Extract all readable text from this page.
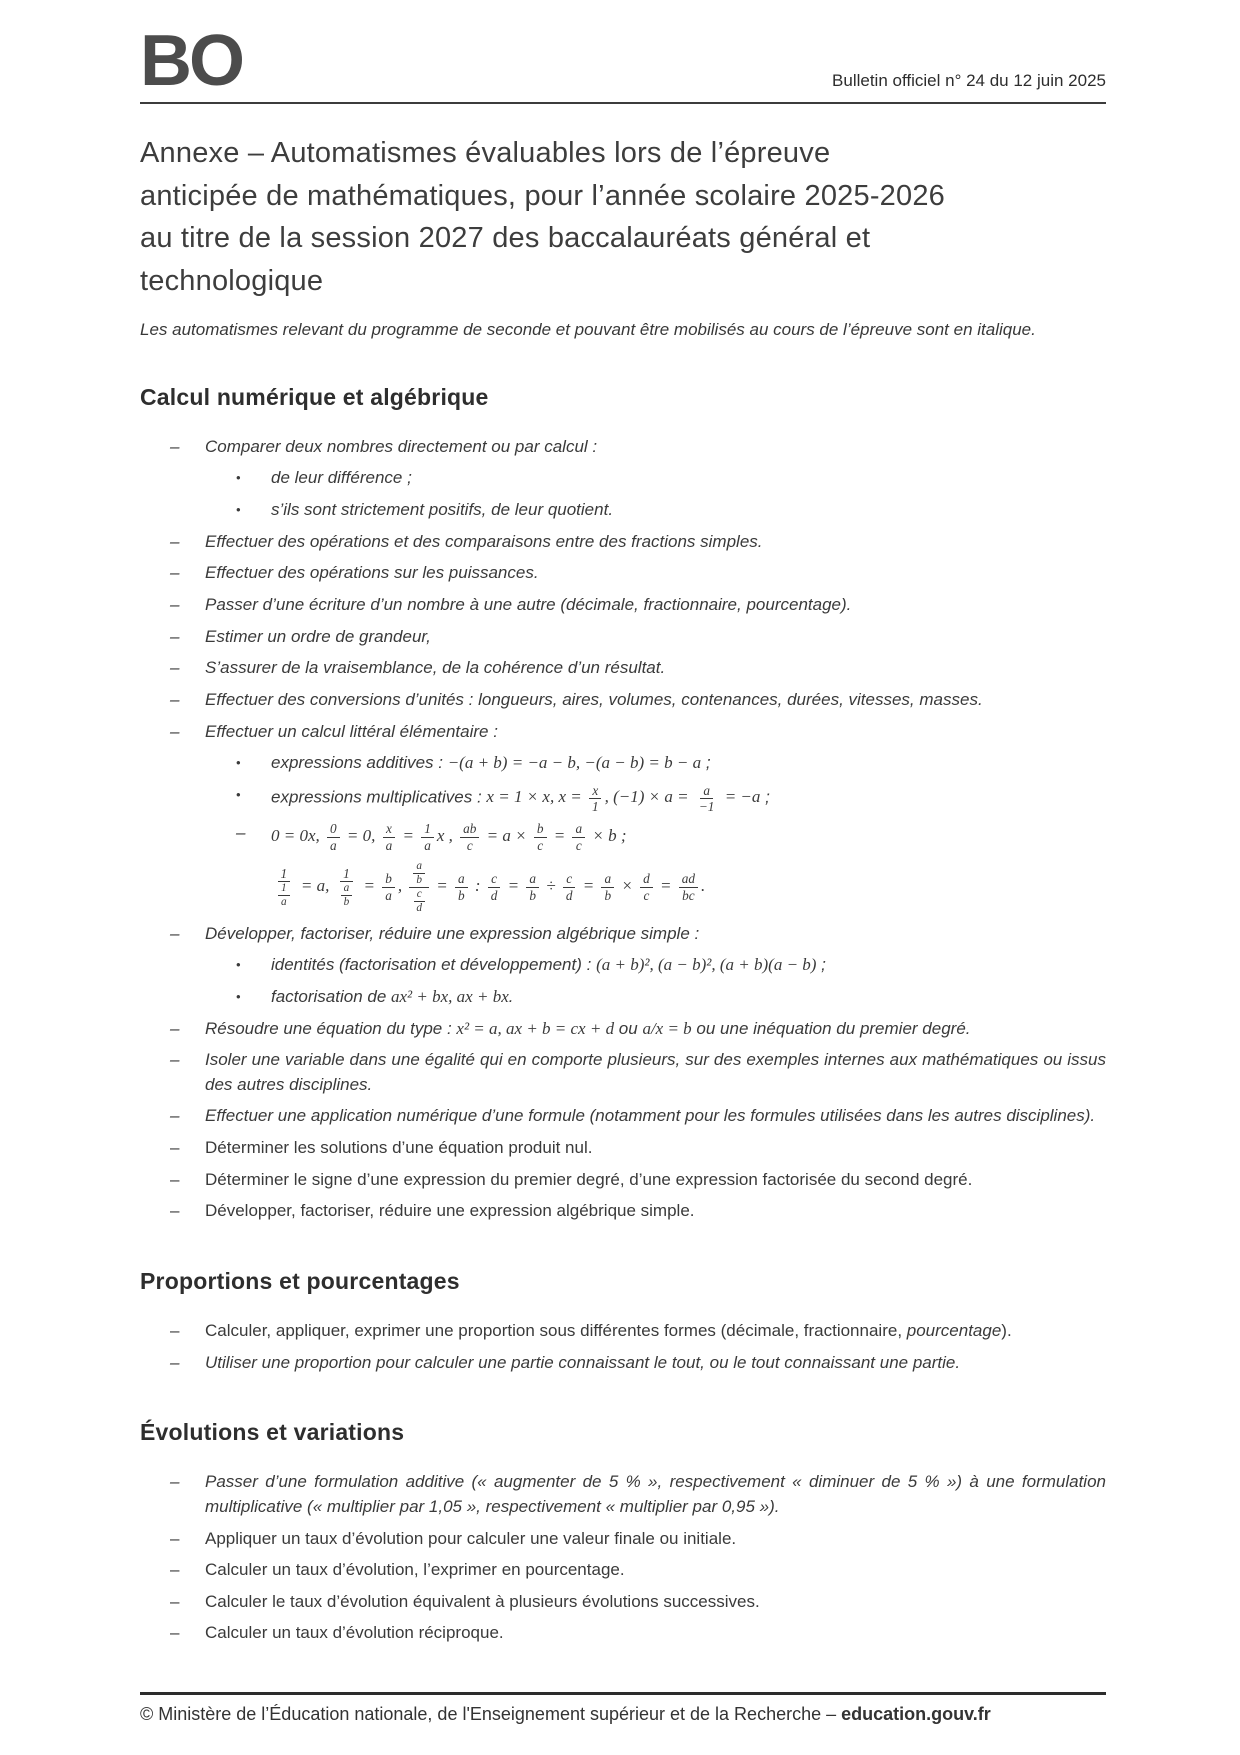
BO	Bulletin officiel n° 24 du 12 juin 2025
Annexe – Automatismes évaluables lors de l’épreuve
anticipée de mathématiques, pour l’année scolaire 2025-2026
au titre de la session 2027 des baccalauréats général et
technologique
Les automatismes relevant du programme de seconde et pouvant être mobilisés au cours de l’épreuve sont en italique.
Calcul numérique et algébrique
–	Comparer deux nombres directement ou par calcul :
•	de leur différence ;
•	s’ils sont strictement positifs, de leur quotient.
–	Effectuer des opérations et des comparaisons entre des fractions simples.
–	Effectuer des opérations sur les puissances.
–	Passer d’une écriture d’un nombre à une autre (décimale, fractionnaire, pourcentage).
–	Estimer un ordre de grandeur,
–	S’assurer de la vraisemblance, de la cohérence d’un résultat.
–	Effectuer des conversions d’unités : longueurs, aires, volumes, contenances, durées, vitesses, masses.
–	Effectuer un calcul littéral élémentaire :
•	expressions additives : −(a + b) = −a − b, −(a − b) = b − a ;
•	expressions multiplicatives : x = 1 × x, $x = \frac{x}{1}$ , $(-1) \times a = \frac{a}{-1} = -a$ ;
–	0 = 0x, $\frac{0}{a} = 0$, $\frac{x}{a} = \frac{1}{a}$ x , $\frac{ab}{c} = a \times \frac{b}{c} = \frac{a}{c} \times b$ ;
$\frac{1}{\frac{1}{a}} = a$, $\frac{1}{\frac{a}{b}} = \frac{b}{a}$ , $\frac{\frac{a}{b}}{\frac{c}{d}} = \frac{a}{b}$ : $\frac{c}{d} = \frac{a}{b} \div \frac{c}{d} = \frac{a}{b} \times \frac{d}{c} = \frac{ad}{bc}$ .
–	Développer, factoriser, réduire une expression algébrique simple :
•	identités (factorisation et développement) : (a + b)², (a − b)², (a + b)(a − b) ;
•	factorisation de ax² + bx, ax + bx.
–	Résoudre une équation du type : x² = a, ax + b = cx + d ou a/x = b ou une inéquation du premier degré.
–	Isoler une variable dans une égalité qui en comporte plusieurs, sur des exemples internes aux mathématiques ou issus des autres disciplines.
–	Effectuer une application numérique d’une formule (notamment pour les formules utilisées dans les autres disciplines).
–	Déterminer les solutions d’une équation produit nul.
–	Déterminer le signe d’une expression du premier degré, d’une expression factorisée du second degré.
–	Développer, factoriser, réduire une expression algébrique simple.
Proportions et pourcentages
–	Calculer, appliquer, exprimer une proportion sous différentes formes (décimale, fractionnaire, pourcentage).
–	Utiliser une proportion pour calculer une partie connaissant le tout, ou le tout connaissant une partie.
Évolutions et variations
–	Passer d’une formulation additive (« augmenter de 5 % », respectivement « diminuer de 5 % ») à une formulation multiplicative (« multiplier par 1,05 », respectivement « multiplier par 0,95 »).
–	Appliquer un taux d’évolution pour calculer une valeur finale ou initiale.
–	Calculer un taux d’évolution, l’exprimer en pourcentage.
–	Calculer le taux d’évolution équivalent à plusieurs évolutions successives.
–	Calculer un taux d’évolution réciproque.
© Ministère de l’Éducation nationale, de l'Enseignement supérieur et de la Recherche – education.gouv.fr
